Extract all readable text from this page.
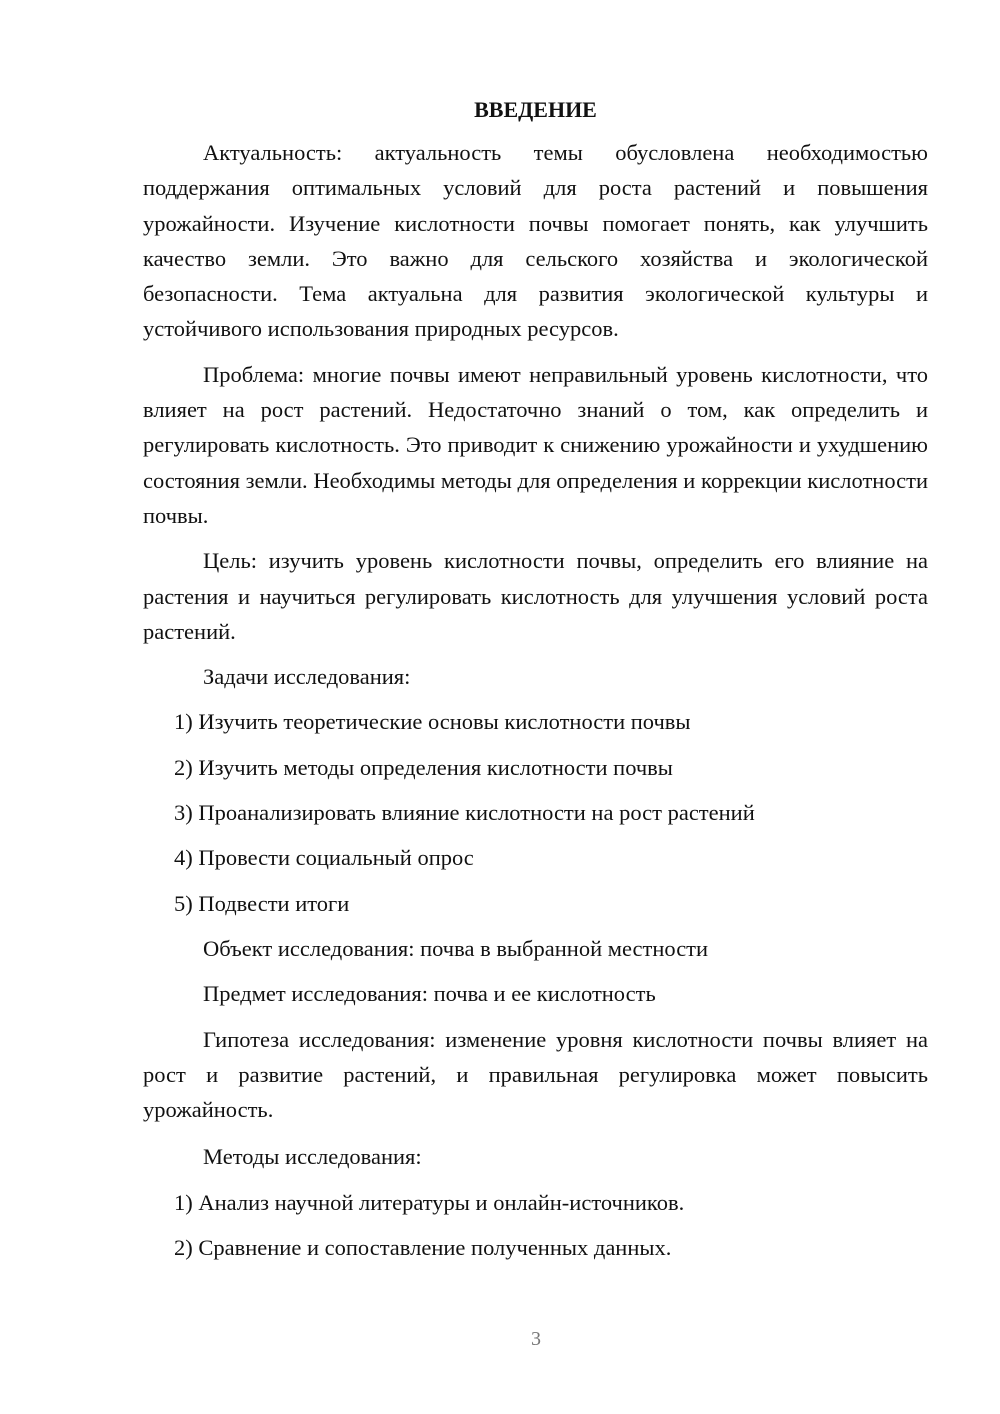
ВВЕДЕНИЕ

Актуальность: актуальность темы обусловлена необходимостью поддержания оптимальных условий для роста растений и повышения урожайности. Изучение кислотности почвы помогает понять, как улучшить качество земли. Это важно для сельского хозяйства и экологической безопасности. Тема актуальна для развития экологической культуры и устойчивого использования природных ресурсов.

Проблема: многие почвы имеют неправильный уровень кислотности, что влияет на рост растений. Недостаточно знаний о том, как определить и регулировать кислотность. Это приводит к снижению урожайности и ухудшению состояния земли. Необходимы методы для определения и коррекции кислотности почвы.

Цель: изучить уровень кислотности почвы, определить его влияние на растения и научиться регулировать кислотность для улучшения условий роста растений.

Задачи исследования:

1) Изучить теоретические основы кислотности почвы

2) Изучить методы определения кислотности почвы

3) Проанализировать влияние кислотности на рост растений

4) Провести социальный опрос

5) Подвести итоги

Объект исследования: почва в выбранной местности

Предмет исследования: почва и ее кислотность

Гипотеза исследования: изменение уровня кислотности почвы влияет на рост и развитие растений, и правильная регулировка может повысить урожайность.

Методы исследования:

1) Анализ научной литературы и онлайн-источников.

2) Сравнение и сопоставление полученных данных.

3
